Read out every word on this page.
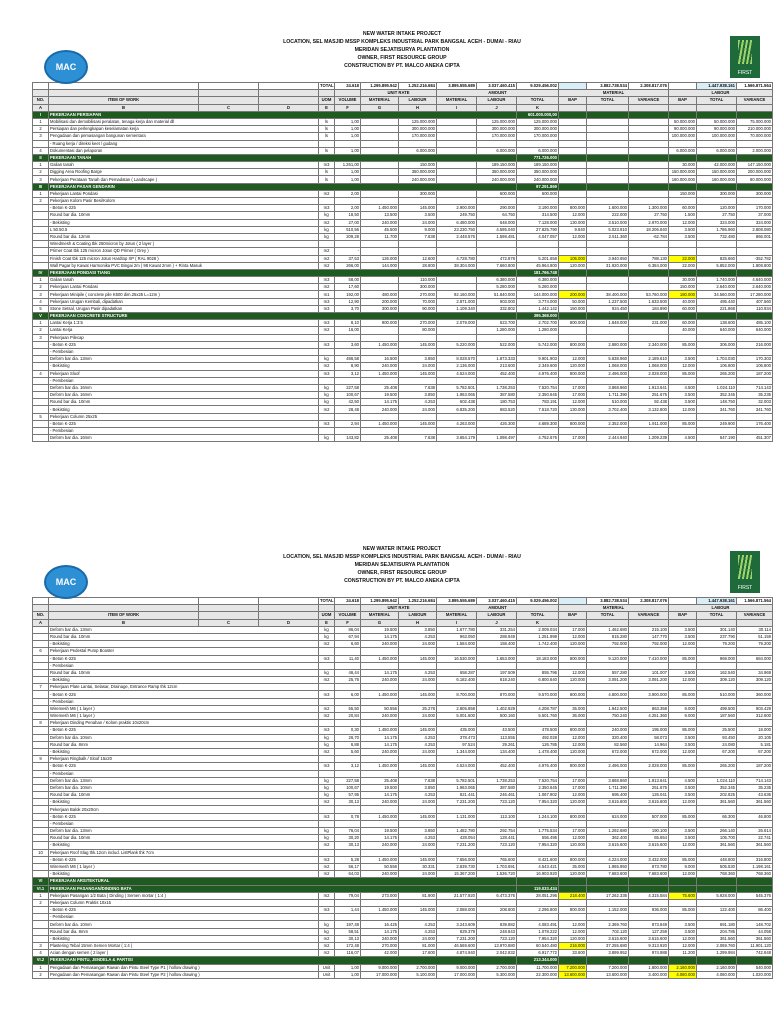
NEW WATER INTAKE PROJECT
LOCATION, SEL MASJID MSSP KOMPLEKS INDUSTRIAL PARK BANGSAL ACEH - DUMAI - RIAU
MERIDAN SEJATISURYA PLANTATION
OWNER, FIRST RESOURCE GROUP
CONSTRUCTION BY PT. MALCO ANEKA CIPTA
MAC
FIRST
				TOTAL	24.618	1.295.895.942	1.252.216.684	3.895.555.689	3.037.460.415	9.029.456.002		3.882.738.534	2.308.817.076		1.447.938.161	1.566.871.564
						UNIT RATE		AMOUNT			MATERIAL			LABOUR		
NO.	ITEM OF WORK			UOM	VOLUME	MATERIAL	LABOUR	MATERIAL	LABOUR	TOTAL	BAP	TOTAL	VARIANCE	BAP	TOTAL	VARIANCE
A	B	C	D	E	F	G	H	I	J	K						
I	PEKERJAAN PERSIAPAN									601.000.000,00						
1	Mobilisasi dan demobilisasi peralatan, tenaga kerja dan material dll			ls	1,00		125.000.000		125.000.000	125.000.000				50.000.000	50.000.000	75.000.000
2	Persiapan dan perlengkapan keselamatan kerja			ls	1,00		300.000.000		300.000.000	300.000.000				90.000.000	90.000.000	210.000.000
3	Pengadaan dan pemasangan bangunan sementara			ls	1,00		170.000.000		170.000.000	170.000.000				100.000.000	100.000.000	70.000.000
	- Ruang kerja / direksi keet / gudang															
4	Dokumentasi dan pelaporan			ls	1,00		6.000.000		6.000.000	6.000.000				6.000.000	6.000.000	2.000.000
II	PEKERJAAN TANAH									771.726.000						
1	Galian tanah			m3	1.261,00		150.000		189.150.000	189.150.000				30.000	42.000.000	147.150.000
2	Digging Area Roofing Barge			ls	1,00		350.000.000		350.000.000	350.000.000				150.000.000	150.000.000	200.000.000
3	Pekerjaan Perataan Tanah dan Pemadatan ( Landscape )			ls	1,00		240.000.000		240.000.000	240.000.000				160.000.000	160.000.000	80.000.000
III	PEKERJAAN PASAR GENDARIN									97.291.869						
1	Pekerjaan Lantai Pondasi			m2	2,00		300.000		600.000	600.000				150.000	300.000	300.000
2	Pekerjaan Kolom Pasir Besi/Kolom															
	- Beton K-225			m3	2,00	1.450.000	145.000	2.900.000	290.000	3.190.000	800.000	1.600.000	1.300.000	60.000	120.000	170.000
	Round bar dia. 10mm			kg	18,50	13.500	3.500	249.750	64.750	314.500	12.000	222.000	27.750	1.500	27.750	37.000
	- Bekisting			m2	27,00	240.000	24.000	6.480.000	648.000	7.128.000	130.000	3.510.000	2.970.000	12.000	324.000	324.000
	L 50.50.5			kg	510,56	45.500	9.000	23.230.750	4.595.040	27.825.790	9.840	5.023.910	18.206.840	3.500	1.786.960	2.808.080
	Round bar dia. 12mm			kg	209,28	11.700	7.638	2.448.576	1.598.481	4.047.057	12.000	2.511.360	-62.784	3.500	732.480	866.001
	Wiredmesh & Coating tbk 250micron by Jotun ( 2 layer )															
	Primer Coat tbk 125 micron Jotun QD Primer ( Grey )			m2	-											
	Finish Coat tbk 125 micron Jotun Hardtop XP ( RAL 9028 )			m2	37,53	126.000	12.600	4.728.780	472.878	5.201.658	105.000	3.940.650	788.130	22.000	825.660	-352.782
	Wall Pagar by Kawat Harmonika PVC Bingai 2m ( 98 Kawat 2mm ) + Rinta Masuk			m2	266,00	144.000	28.800	38.304.000	7.660.800	45.964.800	120.000	31.920.000	6.384.000	22.000	5.852.000	1.808.800
IV	PEKERJAAN PONDASI TIANG									181.766.748						
1	Galian tanah			m3	58,00		110.000		6.380.000	6.380.000				30.000	1.740.000	4.640.000
2	Pekerjaan Lantai Pondasi			m2	17,60		300.000		5.280.000	5.280.000				150.000	2.640.000	2.640.000
3	Pekerjaan Minipile ( concrete pile K500 dim.25x25 L=12m )			m1	192,00	480.000	270.000	92.160.000	51.840.000	144.000.000	200.000	38.400.000	53.760.000	180.000	34.560.000	17.280.000
4	Pekerjaan Urugan Kembali, dipadatkan			m3	12,90	200.000	70.000	2.871.000	903.000	3.774.000	50.000	1.237.500	1.633.500	40.000	495.440	407.560
5	Stone Setsal, Urugan Pasir dipadatkan			m3	3,70	300.000	90.000	1.109.340	332.802	1.442.142	150.000	924.450	184.890	60.000	221.868	110.934
V	PEKERJAAN CONCRETE STRUCTURE									395.368.000						
1	Lantai Kerja 1:3:5			m3	8,10	900.000	270.000	2.079.000	623.700	2.702.700	800.000	1.848.000	231.000	60.000	138.600	485.100
2	Lantai Kerja			m2	16,00		80.000		1.280.000	1.280.000				40.000	640.000	640.000
3	Pekerjaan Pilecap															
	- Beton K-225			m3	3,60	1.450.000	145.000	5.220.000	522.000	5.742.000	800.000	2.880.000	2.340.000	85.000	306.000	216.000
	- Pembesian															
	Deform bar dia. 13mm			kg	486,58	16.500	3.850	8.028.570	1.873.333	9.901.903	12.000	5.838.960	2.189.610	3.500	1.703.030	170.303
	- Bekisting			m2	8,90	240.000	24.000	2.136.000	213.600	2.349.600	120.000	1.068.000	1.068.000	12.000	106.800	106.800
4	Pekerjaan Sloof			m3	3,12	1.450.000	145.000	4.524.000	452.400	4.976.400	800.000	2.496.000	2.028.000	85.000	265.200	187.200
	- Pembesian															
	Deform bar dia. 16mm			kg	227,58	25.408	7.638	5.782.501	1.738.253	7.520.754	17.000	3.868.860	1.913.641	4.500	1.024.110	714.143
	Deform bar dia. 16mm			kg	100,67	19.500	3.850	1.963.065	387.580	2.350.645	17.000	1.711.390	251.675	3.500	352.345	35.235
	Round bar dia. 10mm			kg	42,50	14.175	4.253	602.438	180.753	783.191	12.000	510.000	92.438	3.500	148.750	32.003
	- Bekisting			m2	28,48	240.000	24.000	6.835.200	683.520	7.518.720	130.000	3.702.400	3.132.800	12.000	341.760	341.760
5	Pekerjaan Column 25x25															
	- Beton K-225			m3	2,94	1.450.000	145.000	4.263.000	426.300	4.689.300	800.000	2.352.000	1.911.000	85.000	249.900	176.400
	- Pembesian															
	Deform bar dia. 16mm			kg	143,82	25.408	7.638	3.654.179	1.098.497	4.752.676	17.000	2.444.940	1.209.239	4.500	647.190	451.307
NEW WATER INTAKE PROJECT
LOCATION, SEL MASJID MSSP KOMPLEKS INDUSTRIAL PARK BANGSAL ACEH - DUMAI - RIAU
MERIDAN SEJATISURYA PLANTATION
OWNER, FIRST RESOURCE GROUP
CONSTRUCTION BY PT. MALCO ANEKA CIPTA
MAC
FIRST
				TOTAL	24.618	1.295.895.942	1.252.216.684	3.895.555.689	3.037.460.415	9.029.456.002		3.882.738.534	2.308.817.076		1.447.938.161	1.566.871.564
						UNIT RATE		AMOUNT			MATERIAL			LABOUR		
NO.	ITEM OF WORK			UOM	VOLUME	MATERIAL	LABOUR	MATERIAL	LABOUR	TOTAL	BAP	TOTAL	VARIANCE	BAP	TOTAL	VARIANCE
A	B	C	D	E	F	G	H	I	J	K						
	Deform bar dia. 13mm			kg	86,04	19.500	3.850	1.677.780	331.254	2.009.034	17.000	1.462.680	215.100	3.500	301.140	30.114
	Round bar dia. 10mm			kg	67,94	14.175	4.253	963.050	288.949	1.251.999	12.000	815.280	147.770	3.500	237.790	51.159
	- Bekisting			m2	6,60	240.000	24.000	1.584.000	158.400	1.742.400	120.000	792.000	792.000	12.000	79.200	79.200
6	Pekerjaan Pedestal Pump Booster															
	- Beton K-225			m3	11,40	1.450.000	145.000	16.530.000	1.653.000	18.183.000	800.000	9.120.000	7.410.000	85.000	969.000	684.000
	- Pembesian															
	Round bar dia. 10mm			kg	46,44	14.175	4.253	658.287	197.509	855.796	12.000	557.280	101.007	3.500	162.540	34.969
	- Bekisting			m2	25,76	240.000	24.000	6.182.400	618.240	6.800.640	120.000	3.091.200	3.091.200	12.000	309.120	309.120
7	Pekerjaan Plate Lantai, Selasar, Drainage, Entrance Ramp thk 12cm															
	- Beton K-225			m3	6,00	1.450.000	145.000	8.700.000	870.000	9.570.000	800.000	4.800.000	3.900.000	85.000	510.000	360.000
	- Pembesian															
	Wiremesh M6 ( 1 layer )			m2	55,50	50.556	25.278	2.805.858	1.402.929	4.208.787	35.000	1.942.500	863.358	9.000	499.500	903.429
	Wiremesh M6 ( 1 layer )			m2	20,84	240.000	24.000	5.001.600	500.160	5.501.760	36.000	750.240	4.251.360	9.000	187.560	312.600
8	Pekerjaan Dinding Penahan / Kolom praktis 10x20cm															
	- Beton K-225			m3	0,30	1.450.000	145.000	435.000	43.500	478.500	800.000	240.000	195.000	85.000	25.500	18.000
	Deform bar dia. 10mm			kg	26,70	14.175	4.253	378.473	113.555	492.028	12.000	320.400	58.073	3.500	93.450	20.105
	Round bar dia. 8mm			kg	6,88	14.175	4.253	97.524	29.261	126.785	12.000	82.560	14.964	3.500	24.080	5.181
	- Bekisting			m2	5,60	240.000	24.000	1.344.000	134.400	1.478.400	120.000	672.000	672.000	12.000	67.200	67.200
9	Pekerjaan Ringbalk / Sloof 15x20															
	- Beton K-225			m3	3,12	1.450.000	145.000	4.524.000	452.400	4.976.400	800.000	2.496.000	2.028.000	85.000	265.200	187.200
	- Pembesian															
	Deform bar dia. 13mm			kg	227,58	25.408	7.638	5.782.501	1.738.253	7.520.754	17.000	3.868.860	1.913.641	4.500	1.024.110	714.143
	Deform bar dia. 10mm			kg	100,67	19.500	3.850	1.963.065	387.580	2.350.645	17.000	1.711.390	251.675	3.500	352.345	35.235
	Round bar dia. 10mm			kg	57,95	14.175	4.253	821.441	246.461	1.067.902	12.000	695.400	126.041	3.500	202.825	43.636
	- Bekisting			m2	30,13	240.000	24.000	7.231.200	723.120	7.954.320	120.000	3.615.600	3.615.600	12.000	361.560	361.560
	Pekerjaan Balok 20x20cm															
	- Beton K-225			m3	0,78	1.450.000	145.000	1.131.000	113.100	1.244.100	800.000	624.000	507.000	85.000	66.300	46.800
	- Pembesian															
	Deform bar dia. 13mm			kg	76,04	19.500	3.850	1.482.780	292.754	1.775.534	17.000	1.292.680	190.100	3.500	266.140	26.614
	Round bar dia. 10mm			kg	30,20	14.175	4.253	428.054	128.441	556.495	12.000	362.400	65.654	3.500	105.700	22.741
	- Bekisting			m2	30,13	240.000	24.000	7.231.200	723.120	7.954.320	120.000	3.615.600	3.615.600	12.000	361.560	361.560
10	Pekerjaan Roof Slag thk.12cm includ. ListPlank thk 7cm															
	- Beton K-225			m3	5,28	1.450.000	145.000	7.656.000	765.600	8.421.600	800.000	4.224.000	3.432.000	85.000	448.800	316.800
	Wiremesh M6 ( 1 layer )			m2	56,17	50.556	30.331	2.839.730	1.703.691	4.543.421	35.000	1.965.950	873.780	9.000	505.530	1.198.161
	- Bekisting			m2	64,03	240.000	24.000	15.367.200	1.536.720	16.903.920	120.000	7.683.600	7.683.600	12.000	768.360	768.360
VI	PEKERJAAN ARSITEKTURAL															
VI.1	PEKERJAAN PASANGAN/DINDING BATA									119.033.434						
1	Pekerjaan Pasangan 1/2 Bata ( Dinding ) Semen mortar ( 1:4 )			m2	79,04	273.000	81.900	21.577.920	6.473.376	28.051.296	218.400	17.262.336	4.315.584	75.600	5.928.000	545.376
2	Pekerjaan Column Praktis 10x15															
	- Beton K-225			m3	1,44	1.450.000	145.000	2.088.000	208.800	2.296.800	800.000	1.152.000	936.000	85.000	122.400	86.400
	- Pembesian															
	Deform bar dia. 10mm			kg	197,48	16.425	4.253	3.243.609	839.882	4.083.491	12.000	2.369.760	873.849	3.500	691.180	148.702
	Round bar dia. 8mm			kg	58,51	14.175	4.253	829.379	248.843	1.078.222	12.000	702.120	127.259	3.500	204.785	44.058
	- Bekisting			m2	30,13	240.000	24.000	7.231.200	723.120	7.954.320	120.000	3.615.600	3.615.600	12.000	361.560	361.560
3	Plastering Tebal 15mm Semen Mortar ( 1:4 )			m2	172,48	270.000	81.000	46.569.600	13.970.880	60.540.480	216.000	37.255.680	9.313.920	12.000	2.069.760	11.901.120
4	Acian dengan semen ( 2 layer )			m2	116,07	42.000	17.600	4.874.940	2.042.832	6.917.772	33.600	3.899.952	974.988	11.200	1.299.984	742.848
VI.2	PEKERJAAN PINTU, JENDELA & PARTISI									213.344.000						
1	Pengadaan dan Pemasangan Rawan dan Pintu Steel Type P1 ( hollow drawing )			Unit	1,00	9.000.000	2.700.000	9.000.000	2.700.000	11.700.000	7.200.000	7.200.000	1.800.000	2.160.000	2.160.000	540.000
2	Pengadaan dan Pemasangan Rawan dan Pintu Steel Type P2 ( hollow drawing )			Unit	1,00	17.000.000	5.100.000	17.000.000	5.300.000	22.300.000	13.600.000	13.600.000	3.400.000	4.080.000	4.080.000	1.020.000
